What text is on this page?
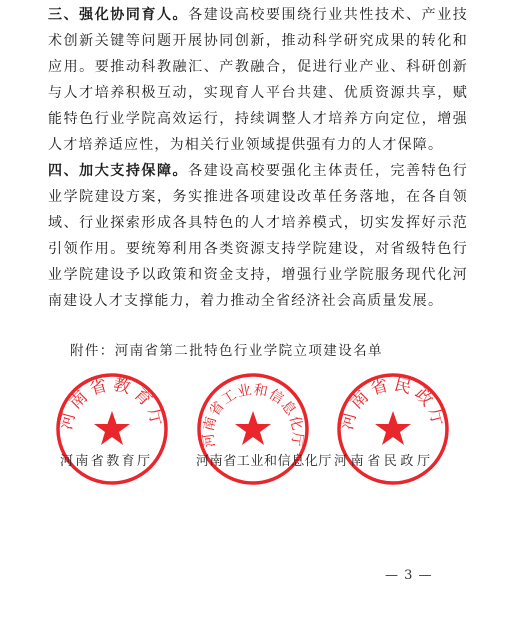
三、强化协同育人。各建设高校要围绕行业共性技术、产业技术创新关键等问题开展协同创新，推动科学研究成果的转化和应用。要推动科教融汇、产教融合，促进行业产业、科研创新与人才培养积极互动，实现育人平台共建、优质资源共享，赋能特色行业学院高效运行，持续调整人才培养方向定位，增强人才培养适应性，为相关行业领域提供强有力的人才保障。

四、加大支持保障。各建设高校要强化主体责任，完善特色行业学院建设方案，务实推进各项建设改革任务落地，在各自领域、行业探索形成各具特色的人才培养模式，切实发挥好示范引领作用。要统筹利用各类资源支持学院建设，对省级特色行业学院建设予以政策和资金支持，增强行业学院服务现代化河南建设人才支撑能力，着力推动全省经济社会高质量发展。

附件：河南省第二批特色行业学院立项建设名单
河南省教育厅
河南省工业和信息化厅
河南省民政厅
河南省教育厅	河南省工业和信息化厅 河南省民政厅
— 3 —
